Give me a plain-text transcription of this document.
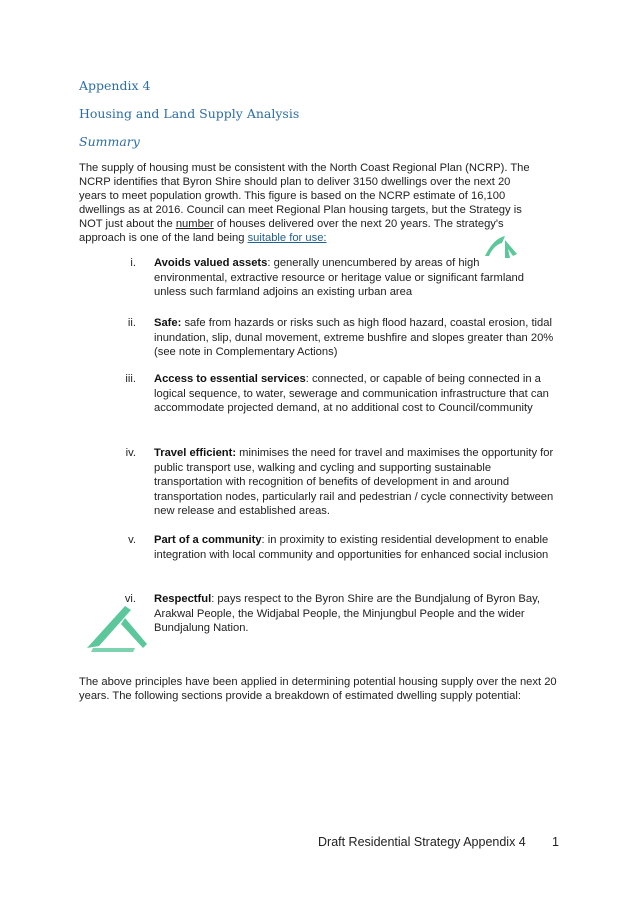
Appendix 4
Housing and Land Supply Analysis
Summary
The supply of housing must be consistent with the North Coast Regional Plan (NCRP). The
NCRP identifies that Byron Shire should plan to deliver 3150 dwellings over the next 20
years to meet population growth. This figure is based on the NCRP estimate of 16,100
dwellings as at 2016. Council can meet Regional Plan housing targets, but the Strategy is
NOT just about the number of houses delivered over the next 20 years. The strategy's
approach is one of the land being suitable for use:
i. Avoids valued assets: generally unencumbered by areas of high environmental, extractive resource or heritage value or significant farmland unless such farmland adjoins an existing urban area
ii. Safe: safe from hazards or risks such as high flood hazard, coastal erosion, tidal inundation, slip, dunal movement, extreme bushfire and slopes greater than 20% (see note in Complementary Actions)
iii. Access to essential services: connected, or capable of being connected in a logical sequence, to water, sewerage and communication infrastructure that can accommodate projected demand, at no additional cost to Council/community
iv. Travel efficient: minimises the need for travel and maximises the opportunity for public transport use, walking and cycling and supporting sustainable transportation with recognition of benefits of development in and around transportation nodes, particularly rail and pedestrian / cycle connectivity between new release and established areas.
v. Part of a community: in proximity to existing residential development to enable integration with local community and opportunities for enhanced social inclusion
vi. Respectful: pays respect to the Byron Shire are the Bundjalung of Byron Bay, Arakwal People, the Widjabal People, the Minjungbul People and the wider Bundjalung Nation.

The above principles have been applied in determining potential housing supply over the next 20 years. The following sections provide a breakdown of estimated dwelling supply potential:

Draft Residential Strategy Appendix 4 1
